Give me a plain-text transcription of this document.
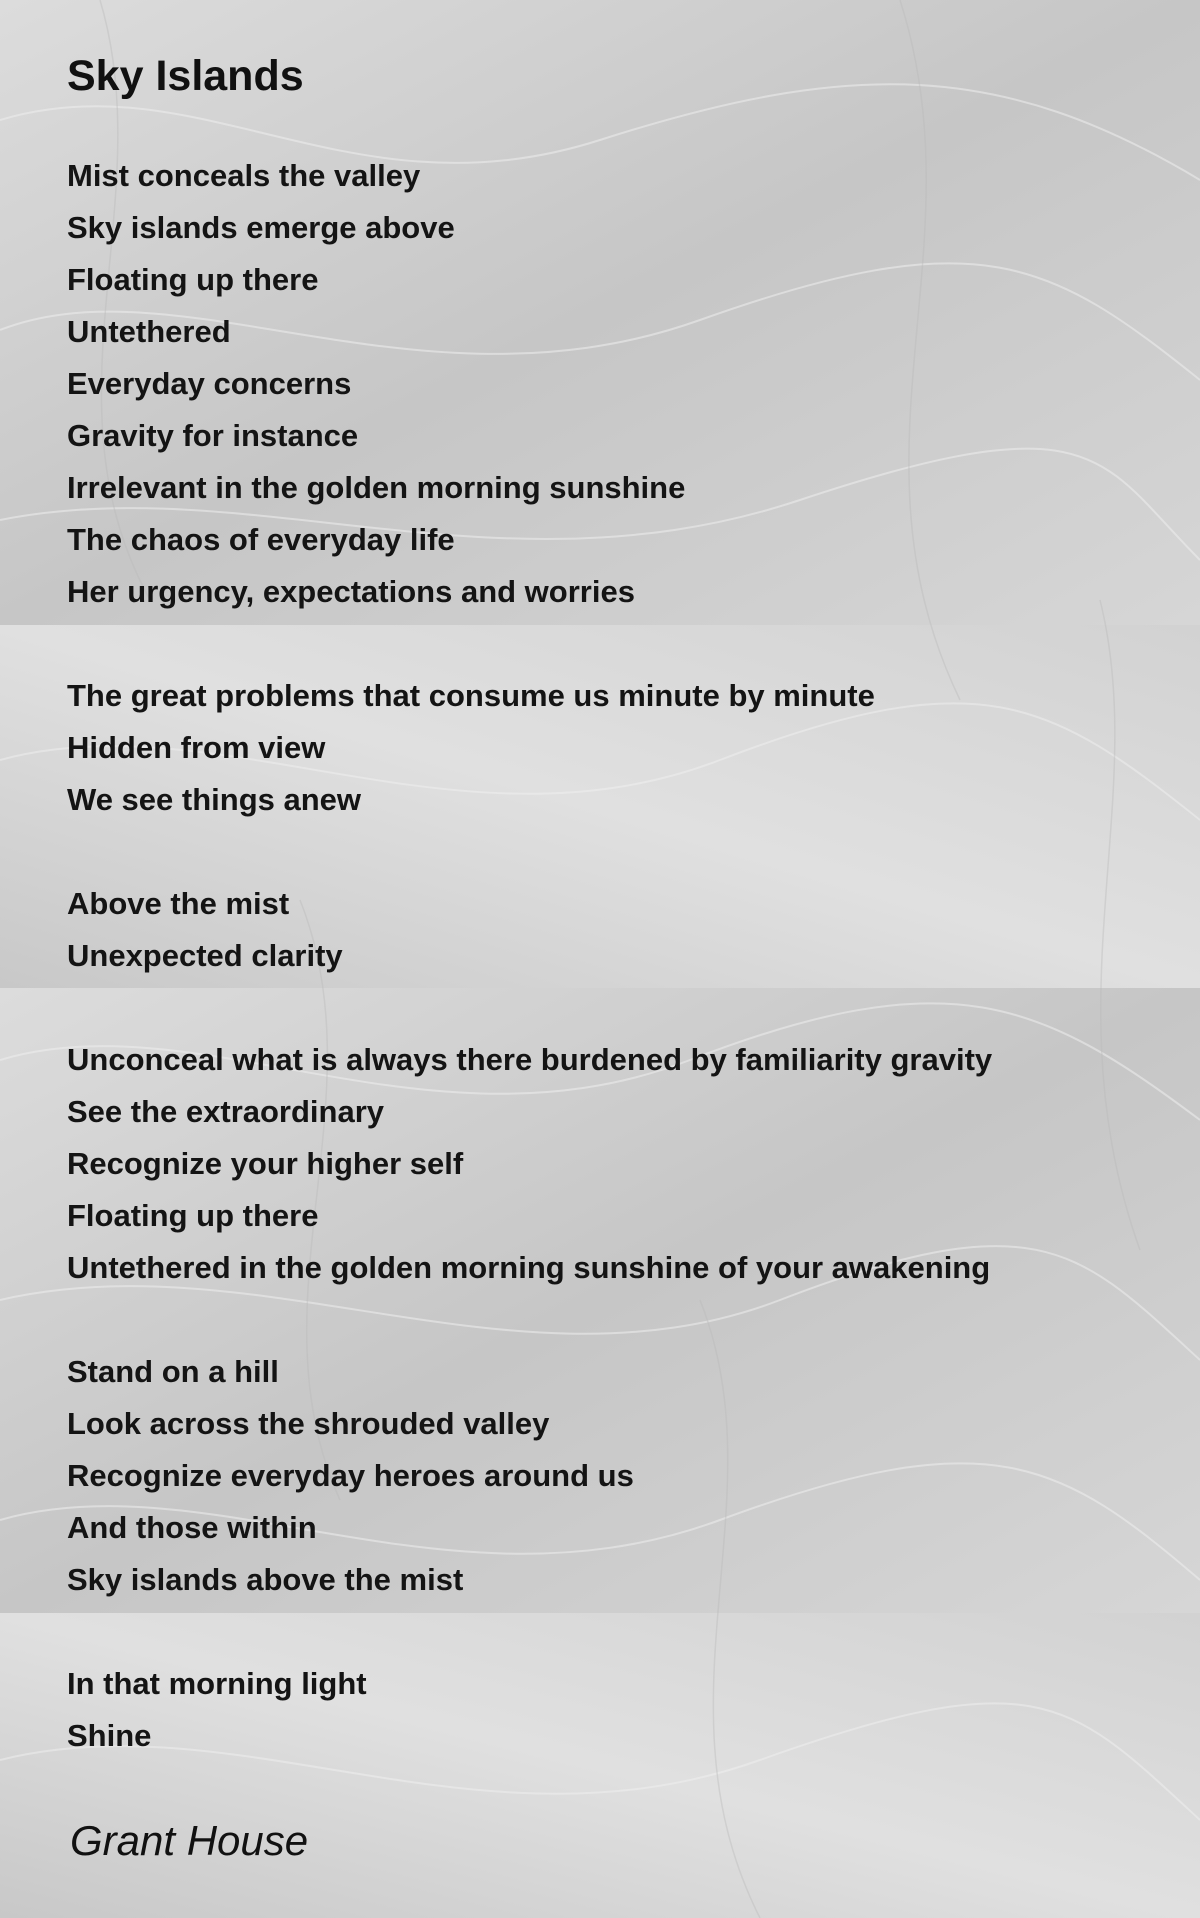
Sky Islands
Mist conceals the valley
Sky islands emerge above
Floating up there
Untethered
Everyday concerns
Gravity for instance
Irrelevant in the golden morning sunshine
The chaos of everyday life
Her urgency, expectations and worries
The great problems that consume us minute by minute
Hidden from view
We see things anew
Above the mist
Unexpected clarity
Unconceal what is always there burdened by familiarity gravity
See the extraordinary
Recognize your higher self
Floating up there
Untethered in the golden morning sunshine of your awakening
Stand on a hill
Look across the shrouded valley
Recognize everyday heroes around us
And those within
Sky islands above the mist
In that morning light
Shine
Grant House
